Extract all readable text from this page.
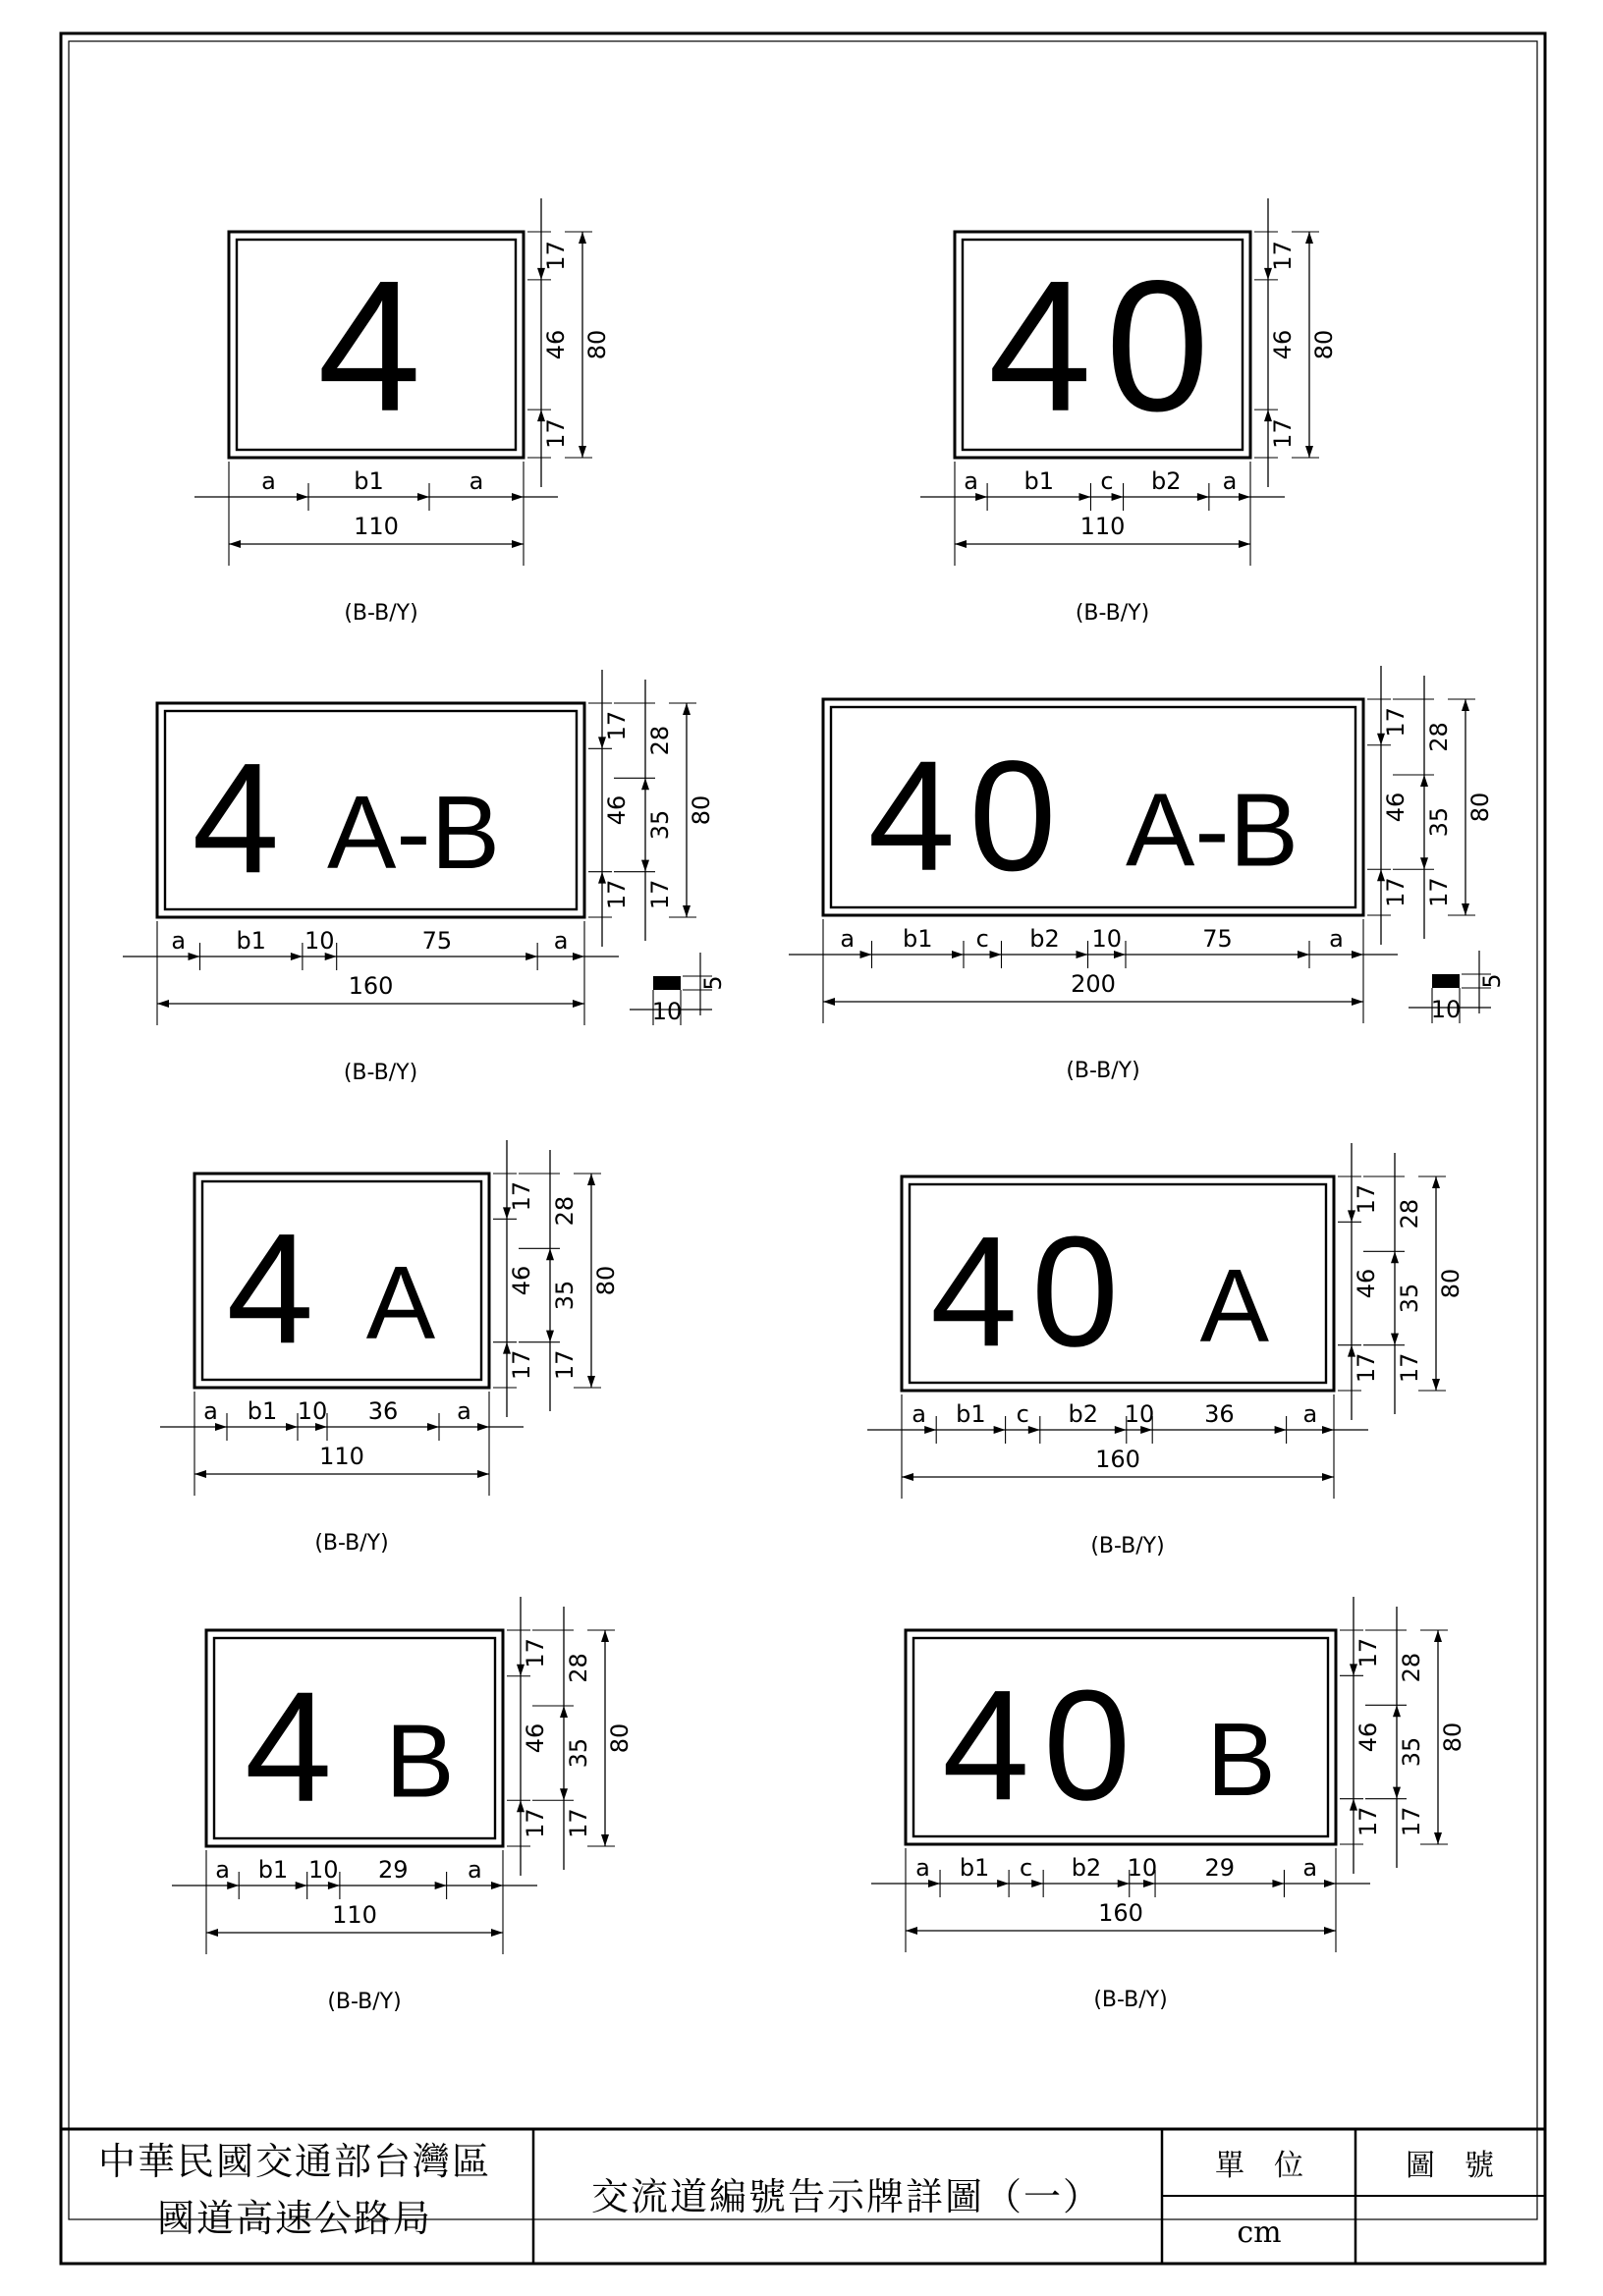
4	17
46
17
80
a	b1	a
110
(B-B/Y)
40 17
46
17
80
a b1 c b2 a
110
(B-B/Y)
4 A-B
17
46
17
28
35
17
80
a b1 10	75	a
160
10
5
(B-B/Y)
40 A-B
17
46
17
28
35
17
80
a b1 c b2 10	75	a
200
10
5
(B-B/Y)
4 A
17
46
17
28
35
17
80
a b1 10 36 a
110
(B-B/Y)
40 A
17
46
17
28
35
17
80
a b1 c b2 10 36	a
160
(B-B/Y)
4 B
17
46
17
28
35
17
80
a b1 10 29	a
110
(B-B/Y)
40 B
17
46
17
28
35
17
80
a b1 c b2 10 29	a
160
(B-B/Y)
中華民國交通部台灣區
國道高速公路局	交流道編號告示牌詳圖（一）
單　位
cm
圖　號
